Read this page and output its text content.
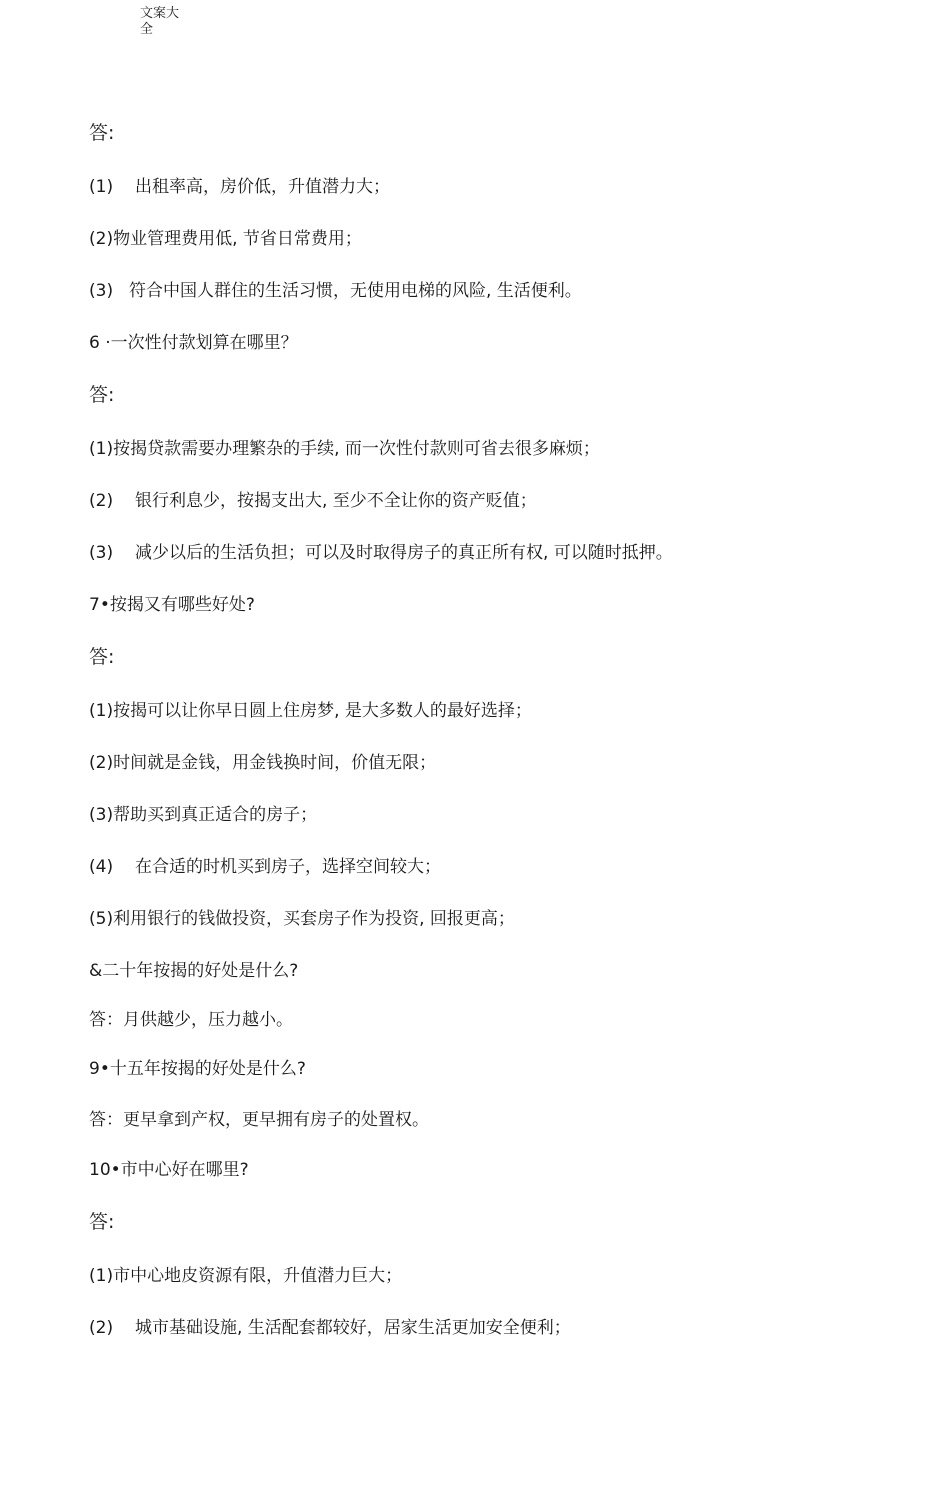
文案大全
答:
(1) 出租率高，房价低，升值潜力大；
(2)物业管理费用低, 节省日常费用；
(3) 符合中国人群住的生活习惯，无使用电梯的风险, 生活便利。
6 ·一次性付款划算在哪里？
答:
(1)按揭贷款需要办理繁杂的手续, 而一次性付款则可省去很多麻烦；
(2) 银行利息少，按揭支出大, 至少不全让你的资产贬值；
(3) 减少以后的生活负担；可以及时取得房子的真正所有权, 可以随时抵押。
7•按揭又有哪些好处?
答:
(1)按揭可以让你早日圆上住房梦, 是大多数人的最好选择；
(2)时间就是金钱，用金钱换时间，价值无限；
(3)帮助买到真正适合的房子；
(4) 在合适的时机买到房子，选择空间较大；
(5)利用银行的钱做投资，买套房子作为投资, 回报更高；
&二十年按揭的好处是什么?
答：月供越少，压力越小。
9•十五年按揭的好处是什么?
答：更早拿到产权，更早拥有房子的处置权。
10•市中心好在哪里?
答:
(1)市中心地皮资源有限，升值潜力巨大；
(2) 城市基础设施, 生活配套都较好，居家生活更加安全便利；
